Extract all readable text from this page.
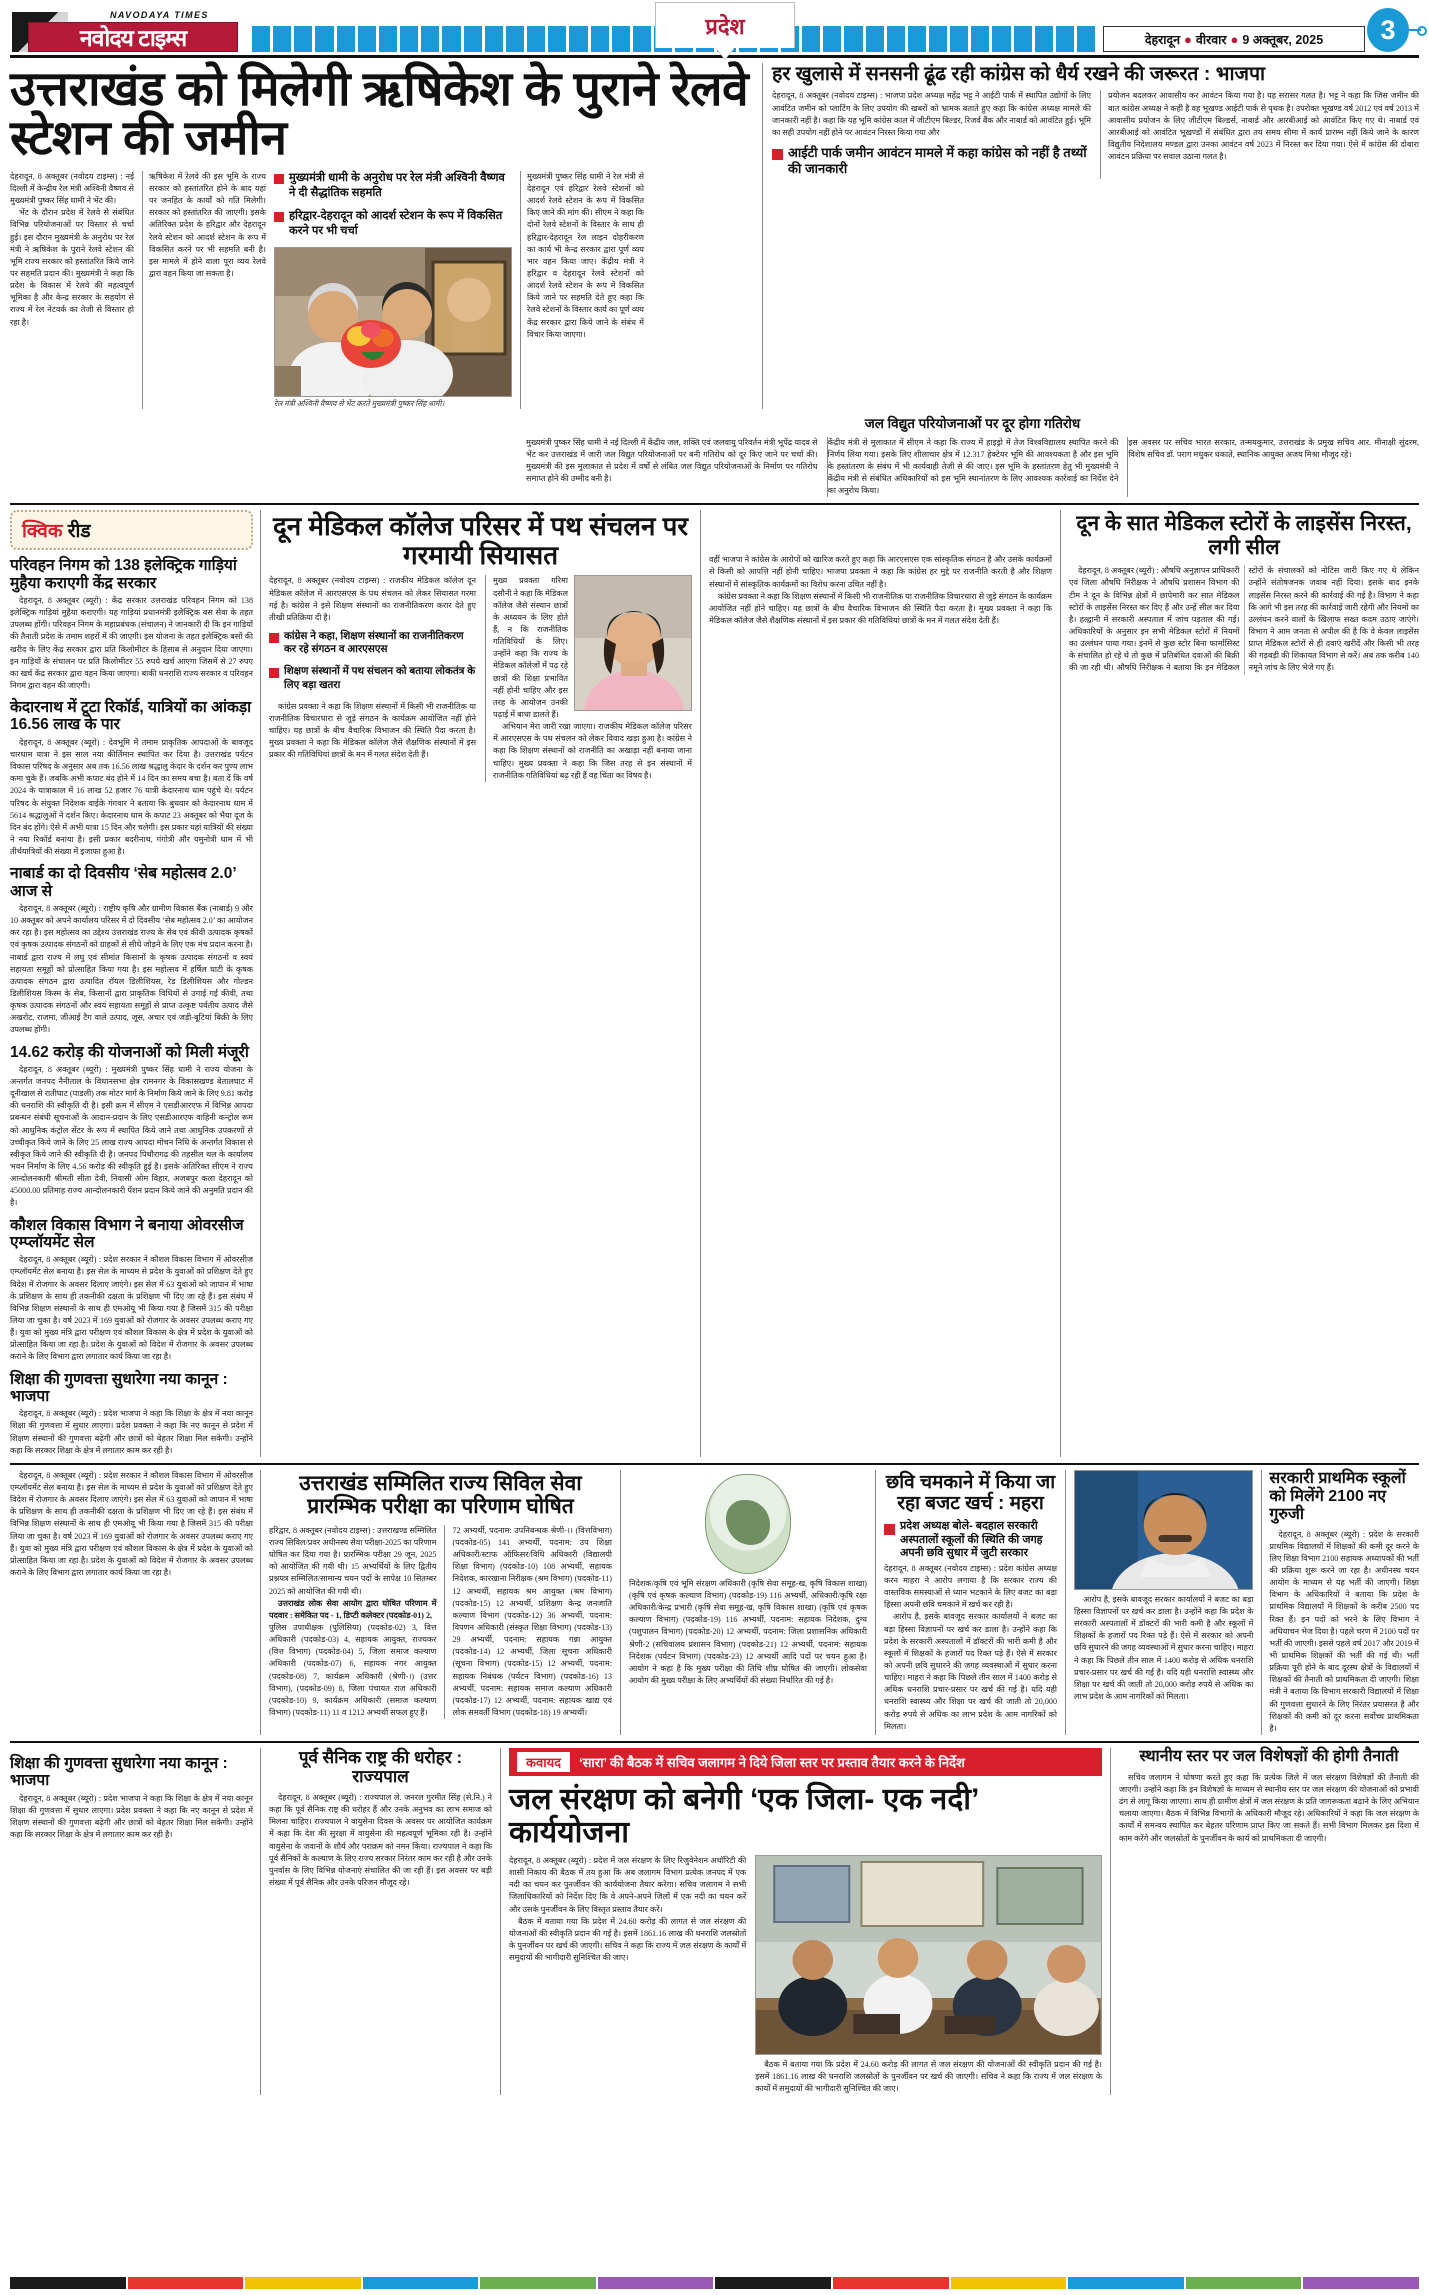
NAVODAYA TIMES
नवोदय टाइम्स	प्रदेश
देहरादून ● वीरवार ● 9 अक्तूबर, 2025	3
उत्तराखंड को मिलेगी ऋषिकेश के पुराने रेलवे स्टेशन की जमीन
देहरादून, 8 अक्तूबर (नवोदय टाइम्स) : नई दिल्ली में केन्द्रीय रेल मंत्री अश्विनी वैष्णव से मुख्यमंत्री पुष्कर सिंह धामी ने भेंट की।
भेंट के दौरान प्रदेश में रेलवे से संबंधित विभिन्न परियोजनाओं पर विस्तार से चर्चा हुई। इस दौरान मुख्यमंत्री के अनुरोध पर रेल मंत्री ने ऋषिकेश के पुराने रेलवे स्टेशन की भूमि राज्य सरकार को हस्तांतरित किये जाने पर सहमति प्रदान की। मुख्यमंत्री ने कहा कि प्रदेश के विकास में रेलवे की महत्वपूर्ण भूमिका है और केन्द्र सरकार के सहयोग से राज्य में रेल नेटवर्क का तेजी से विस्तार हो रहा है।
ऋषिकेश में रेलवे की इस भूमि के राज्य सरकार को हस्तांतरित होने के बाद यहां पर जनहित के कार्यों को गति मिलेगी। सरकार को हस्तांतरित की जाएगी। इसके अतिरिक्त प्रदेश के हरिद्वार और देहरादून रेलवे स्टेशन को आदर्श स्टेशन के रूप में विकसित करने पर भी सहमति बनी है। इस मामले में होने वाला पूरा व्यय रेलवे द्वारा वहन किया जा सकता है।
मुख्यमंत्री धामी के अनुरोध पर रेल मंत्री अश्विनी वैष्णव ने दी सैद्धांतिक सहमति
हरिद्वार-देहरादून को आदर्श स्टेशन के रूप में विकसित करने पर भी चर्चा
रेल मंत्री अश्विनी वैष्णव से भेंट करते मुख्यमंत्री पुष्कर सिंह धामी।
मुख्यमंत्री पुष्कर सिंह धामी ने रेल मंत्री से देहरादून एवं हरिद्वार रेलवे स्टेशनों को आदर्श रेलवे स्टेशन के रूप में विकसित किए जाने की मांग की। सीएम ने कहा कि दोनों रेलवे स्टेशनों के विस्तार के साथ ही हरिद्वार-देहरादून रेल लाइन दोहरीकरण का कार्य भी केन्द्र सरकार द्वारा पूर्ण व्यय भार वहन किया जाए। केंद्रीय मंत्री ने हरिद्वार व देहरादून रेलवे स्टेशनों को आदर्श रेलवे स्टेशन के रूप में विकसित किये जाने पर सहमति देते हुए कहा कि रेलवे स्टेशनों के विस्तार कार्य का पूर्ण व्यय केंद्र सरकार द्वारा किये जाने के संबंध में विचार किया जाएगा।
हर खुलासे में सनसनी ढूंढ रही कांग्रेस को धैर्य रखने की जरूरत : भाजपा
देहरादून, 8 अक्तूबर (नवोदय टाइम्स) : भाजपा प्रदेश अध्यक्ष महेंद्र भट्ट ने आईटी पार्क में स्थापित उद्योगों के लिए आवंटित जमीन को प्लाटिंग के लिए उपयोग की खबरों को भ्रामक बताते हुए कहा कि कांग्रेस अध्यक्ष मामले की जानकारी नहीं है। कहा कि यह भूमि कांग्रेस काल में जीटीएम बिल्डर, रिजर्व बैंक और नाबार्ड को आवंटित हुई। भूमि का सही उपयोग नहीं होने पर आवंटन निरस्त किया गया और
आईटी पार्क जमीन आवंटन मामले में कहा कांग्रेस को नहीं है तथ्यों की जानकारी
प्रयोजन बदलकर आवासीय कर आवंटन किया गया है। यह सरासर गलत है। भट्ट ने कहा कि जिस जमीन की बात कांग्रेस अध्यक्ष ने कही है वह भूखण्ड आईटी पार्क से पृथक है। उपरोक्त भूखण्ड वर्ष 2012 एवं वर्ष 2013 में आवासीय प्रयोजन के लिए जीटीएम बिल्डर्स, नाबार्ड और आरबीआई को आवंटित किए गए थे। नाबार्ड एवं आरबीआई को आवंटित भूखण्डों में संबंधित द्वारा तय समय सीमा में कार्य प्रारम्भ नहीं किये जाने के कारण विद्युतीय निदेशालय मण्डल द्वारा उनका आवंटन वर्ष 2023 में निरस्त कर दिया गया। ऐसे में कांग्रेस की दोबारा आवंटन प्रक्रिया पर सवाल उठाना गलत है।
जल विद्युत परियोजनाओं पर दूर होगा गतिरोध
मुख्यमंत्री पुष्कर सिंह धामी ने नई दिल्ली में केंद्रीय जल, शक्ति एवं जलवायु परिवर्तन मंत्री भूपेंद्र यादव से भेंट कर उत्तराखंड में जारी जल विद्युत परियोजनाओं पर बनी गतिरोध को दूर किए जाने पर चर्चा की। मुख्यमंत्री की इस मुलाकात से प्रदेश में वर्षों से लंबित जल विद्युत परियोजनाओं के निर्माण पर गतिरोध समाप्त होने की उम्मीद बनी है।
केंद्रीय मंत्री से मुलाकात में सीएम ने कहा कि राज्य में हाइड्रो में तेज विश्वविद्यालय स्थापित करने की निर्णय लिया गया। इसके लिए शीलाचार क्षेत्र में 12.317 हेक्टेयर भूमि की आवश्यकता है और इस भूमि के हस्तांतरण के संबंध में भी कार्यवाही तेजी से की जाए। इस भूमि के हस्तांतरण हेतु भी मुख्यमंत्री ने केंद्रीय मंत्री से संबंधित अधिकारियों को इस भूमि स्थानांतरण के लिए आवश्यक कार्रवाई का निर्देश देने का अनुरोध किया।
इस अवसर पर सचिव भारत सरकार, तन्मयकुमार, उत्तराखंड के प्रमुख सचिव आर. मीनाक्षी सुंदरम, विशेष सचिव डॉ. पराग मधुकर धकाते, स्थानिक आयुक्त अजय मिश्रा मौजूद रहे।
क्विक रीड
परिवहन निगम को 138 इलेक्ट्रिक गाड़ियां मुहैया कराएगी केंद्र सरकार
देहरादून, 8 अक्तूबर (ब्यूरो) : केंद्र सरकार उत्तराखंड परिवहन निगम को 138 इलेक्ट्रिक गाड़ियां मुहैया कराएगी। यह गाड़ियां प्रधानमंत्री इलेक्ट्रिक बस सेवा के तहत उपलब्ध होंगी। परिवहन निगम के महाप्रबंधक (संचालन) ने जानकारी दी कि इन गाड़ियों की तैनाती प्रदेश के तमाम शहरों में की जाएगी। इस योजना के तहत इलेक्ट्रिक बसों की खरीद के लिए केंद्र सरकार द्वारा प्रति किलोमीटर के हिसाब से अनुदान दिया जाएगा। इन गाड़ियों के संचालन पर प्रति किलोमीटर 55 रुपये खर्च आएगा जिसमें से 27 रुपए का खर्च केंद्र सरकार द्वारा वहन किया जाएगा। बाकी धनराशि राज्य सरकार व परिवहन निगम द्वारा वहन की जाएगी।
केदारनाथ में टूटा रिकॉर्ड, यात्रियों का आंकड़ा 16.56 लाख के पार
देहरादून, 8 अक्तूबर (ब्यूरो) : देवभूमि में तमाम प्राकृतिक आपदाओं के बावजूद चारधाम यात्रा ने इस साल नया कीर्तिमान स्थापित कर दिया है। उत्तराखंड पर्यटन विकास परिषद के अनुसार अब तक 16.56 लाख श्रद्धालु केदार के दर्शन कर पुण्य लाभ कमा चुके हैं। जबकि अभी कपाट बंद होने में 14 दिन का समय बचा है। बता दें कि वर्ष 2024 के यात्राकाल में 16 लाख 52 हजार 76 यात्री केदारनाथ धाम पहुंचे थे। पर्यटन परिषद के संयुक्त निदेशक वाईके गंगवार ने बताया कि बुधवार को केदारनाथ धाम में 5614 श्रद्धालुओं ने दर्शन किए। केदारनाथ धाम के कपाट 23 अक्तूबर को भैया दूज के दिन बंद होंगे। ऐसे में अभी यात्रा 15 दिन और चलेगी। इस प्रकार यहां यात्रियों की संख्या ने नया रिकॉर्ड बनाया है। इसी प्रकार बदरीनाथ, गंगोत्री और यमुनोत्री धाम में भी तीर्थयात्रियों की संख्या में इजाफा हुआ है।
नाबार्ड का दो दिवसीय ‘सेब महोत्सव 2.0’ आज से
देहरादून, 8 अक्तूबर (ब्यूरो) : राष्ट्रीय कृषि और ग्रामीण विकास बैंक (नाबार्ड) 9 और 10 अक्तूबर को अपने कार्यालय परिसर में दो दिवसीय ‘सेब महोत्सव 2.0’ का आयोजन कर रहा है। इस महोत्सव का उद्देश्य उत्तराखंड राज्य के सेब एवं कीवी उत्पादक कृषकों एवं कृषक उत्पादक संगठनों को ग्राहकों से सीधे जोड़ने के लिए एक मंच प्रदान करना है। नाबार्ड द्वारा राज्य में लघु एवं सीमांत किसानों के कृषक उत्पादक संगठनों व स्वयं सहायता समूहों को प्रोत्साहित किया गया है। इस महोत्सव में हर्षिल घाटी के कृषक उत्पादक संगठन द्वारा उत्पादित रॉयल डिलीशियस, रेड डिलीशियस और गोल्डन डिलीशियस किस्म के सेब, किसानों द्वारा प्राकृतिक विधियों से उगाई गई कीवी, तथा कृषक उत्पादक संगठनों और स्वयं सहायता समूहों से प्राप्त उत्कृष्ट पर्वतीय उत्पाद जैसे अखरोट, राजमा, जीआई टैग वाले उत्पाद, जूस, अचार एवं जड़ी-बूटियां बिक्री के लिए उपलब्ध होंगी।
14.62 करोड़ की योजनाओं को मिली मंजूरी
देहरादून, 8 अक्तूबर (ब्यूरो) : मुख्यमंत्री पुष्कर सिंह धामी ने राज्य योजना के अन्तर्गत जनपद नैनीताल के विधानसभा क्षेत्र रामनगर के विकासखण्ड बेतालघाट में दूनीखाल से रातीघाट (पाडली) तक मोटर मार्ग के निर्माण किये जाने के लिए 9.81 करोड़ की धनराशि की स्वीकृति दी है। इसी क्रम में सीएम ने एसडीआरएफ में विभिन्न आपदा प्रबन्धन संबंधी सूचनाओं के आदान-प्रदान के लिए एसडीआरएफ वाहिनी कन्ट्रोल रूम को आधुनिक कंट्रोल सेंटर के रूप में स्थापित किये जाने तथा आधुनिक उपकरणों से उच्चीकृत किये जाने के लिए 25 लाख राज्य आपदा मोचन निधि के अन्तर्गत विकास से स्वीकृत किये जाने की स्वीकृति दी है। जनपद पिथौरागढ़ की तहसील थल के कार्यालय भवन निर्माण के लिए 4.56 करोड़ की स्वीकृति हुई है। इसके अतिरिक्त सीएम ने राज्य आन्दोलनकारी श्रीमती सीता देवी, निवासी ओम विहार, अजबपुर कला देहरादून को 45000.00 प्रतिमाह राज्य आन्दोलनकारी पेंशन प्रदान किये जाने की अनुमति प्रदान की है।
कौशल विकास विभाग ने बनाया ओवरसीज एम्प्लॉयमेंट सेल
देहरादून, 8 अक्तूबर (ब्यूरो) : प्रदेश सरकार ने कौशल विकास विभाग में ओवरसीज एम्प्लॉयमेंट सेल बनाया है। इस सेल के माध्यम से प्रदेश के युवाओं को प्रशिक्षण देते हुए विदेश में रोजगार के अवसर दिलाए जाएंगे। इस सेल में 63 युवाओं को जापान में भाषा के प्रशिक्षण के साथ ही तकनीकी दक्षता के प्रशिक्षण भी दिए जा रहे हैं। इस संबंध में विभिन्न शिक्षण संस्थानों के साथ ही एमओयू भी किया गया है जिसमें 315 की परीक्षा लिया जा चुका है। वर्ष 2023 में 169 युवाओं को रोजगार के अवसर उपलब्ध कराए गए हैं। युवा को मुख्य मंत्रि द्वारा परीक्षण एवं कौशल विकास के क्षेत्र में प्रदेश के युवाओं को प्रोत्साहित किया जा रहा है। प्रदेश के युवाओं को विदेश में रोजगार के अवसर उपलब्ध कराने के लिए विभाग द्वारा लगातार कार्य किया जा रहा है।
शिक्षा की गुणवत्ता सुधारेगा नया कानून : भाजपा
देहरादून, 8 अक्तूबर (ब्यूरो) : प्रदेश भाजपा ने कहा कि शिक्षा के क्षेत्र में नया कानून शिक्षा की गुणवत्ता में सुधार लाएगा। प्रदेश प्रवक्ता ने कहा कि नए कानून से प्रदेश में शिक्षण संस्थानों की गुणवत्ता बढ़ेगी और छात्रों को बेहतर शिक्षा मिल सकेगी। उन्होंने कहा कि सरकार शिक्षा के क्षेत्र में लगातार काम कर रही है।
दून मेडिकल कॉलेज परिसर में पथ संचलन पर गरमायी सियासत
देहरादून, 8 अक्तूबर (नवोदय टाइम्स) : राजकीय मेडिकल कॉलेज दून मेडिकल कॉलेज में आरएसएस के पथ संचलन को लेकर सियासत गरमा गई है। कांग्रेस ने इसे शिक्षण संस्थानों का राजनीतिकरण करार देते हुए तीखी प्रतिक्रिया दी है।
कांग्रेस ने कहा, शिक्षण संस्थानों का राजनीतिकरण कर रहे संगठन व आरएसएस
शिक्षण संस्थानों में पथ संचलन को बताया लोकतंत्र के लिए बड़ा खतरा
कांग्रेस प्रवक्ता ने कहा कि शिक्षण संस्थानों में किसी भी राजनीतिक या राजनीतिक विचारधारा से जुड़े संगठन के कार्यक्रम आयोजित नहीं होने चाहिए। यह छात्रों के बीच वैचारिक विभाजन की स्थिति पैदा करता है। मुख्य प्रवक्ता ने कहा कि मेडिकल कॉलेज जैसे शैक्षणिक संस्थानों में इस प्रकार की गतिविधियां छात्रों के मन में गलत संदेश देती हैं।
मुख्य प्रवक्ता गरिमा दसौनी ने कहा कि मेडिकल कॉलेज जैसे संस्थान छात्रों के अध्ययन के लिए होते हैं, न कि राजनीतिक गतिविधियों के लिए। उन्होंने कहा कि राज्य के मेडिकल कॉलेजों में पढ़ रहे छात्रों की शिक्षा प्रभावित नहीं होनी चाहिए और इस तरह के आयोजन उनकी पढ़ाई में बाधा डालते हैं।
अभियान मेरा जारी रखा जाएगा। राजकीय मेडिकल कॉलेज परिसर में आरएसएस के पथ संचलन को लेकर विवाद खड़ा हुआ है। कांग्रेस ने कहा कि शिक्षण संस्थानों को राजनीति का अखाड़ा नहीं बनाया जाना चाहिए। मुख्य प्रवक्ता ने कहा कि जिस तरह से इन संस्थानों में राजनीतिक गतिविधियां बढ़ रही हैं वह चिंता का विषय है।
वहीं भाजपा ने कांग्रेस के आरोपों को खारिज करते हुए कहा कि आरएसएस एक सांस्कृतिक संगठन है और उसके कार्यक्रमों से किसी को आपत्ति नहीं होनी चाहिए। भाजपा प्रवक्ता ने कहा कि कांग्रेस हर मुद्दे पर राजनीति करती है और शिक्षण संस्थानों में सांस्कृतिक कार्यक्रमों का विरोध करना उचित नहीं है।
कांग्रेस प्रवक्ता ने कहा कि शिक्षण संस्थानों में किसी भी राजनीतिक या राजनीतिक विचारधारा से जुड़े संगठन के कार्यक्रम आयोजित नहीं होने चाहिए। यह छात्रों के बीच वैचारिक विभाजन की स्थिति पैदा करता है। मुख्य प्रवक्ता ने कहा कि मेडिकल कॉलेज जैसे शैक्षणिक संस्थानों में इस प्रकार की गतिविधियां छात्रों के मन में गलत संदेश देती हैं।
दून के सात मेडिकल स्टोरों के लाइसेंस निरस्त, लगी सील
देहरादून, 8 अक्तूबर (ब्यूरो) : औषधि अनुज्ञापन प्राधिकारी एवं जिला औषधि निरीक्षक ने औषधि प्रशासन विभाग की टीम ने दून के विभिन्न क्षेत्रों में छापेमारी कर सात मेडिकल स्टोरों के लाइसेंस निरस्त कर दिए हैं और उन्हें सील कर दिया है। हल्द्वानी में सरकारी अस्पताल में जांच पड़ताल की गई। अधिकारियों के अनुसार इन सभी मेडिकल स्टोरों में नियमों का उल्लंघन पाया गया। इनमें से कुछ स्टोर बिना फार्मासिस्ट के संचालित हो रहे थे तो कुछ में प्रतिबंधित दवाओं की बिक्री की जा रही थी। औषधि निरीक्षक ने बताया कि इन मेडिकल स्टोरों के संचालकों को नोटिस जारी किए गए थे लेकिन उन्होंने संतोषजनक जवाब नहीं दिया। इसके बाद इनके लाइसेंस निरस्त करने की कार्रवाई की गई है। विभाग ने कहा कि आगे भी इस तरह की कार्रवाई जारी रहेगी और नियमों का उल्लंघन करने वालों के खिलाफ सख्त कदम उठाए जाएंगे। विभाग ने आम जनता से अपील की है कि वे केवल लाइसेंस प्राप्त मेडिकल स्टोरों से ही दवाएं खरीदें और किसी भी तरह की गड़बड़ी की शिकायत विभाग से करें। अब तक करीब 140 नमूने जांच के लिए भेजे गए हैं।
देहरादून, 8 अक्तूबर (ब्यूरो) : प्रदेश सरकार ने कौशल विकास विभाग में ओवरसीज एम्प्लॉयमेंट सेल बनाया है। इस सेल के माध्यम से प्रदेश के युवाओं को प्रशिक्षण देते हुए विदेश में रोजगार के अवसर दिलाए जाएंगे। इस सेल में 63 युवाओं को जापान में भाषा के प्रशिक्षण के साथ ही तकनीकी दक्षता के प्रशिक्षण भी दिए जा रहे हैं। इस संबंध में विभिन्न शिक्षण संस्थानों के साथ ही एमओयू भी किया गया है जिसमें 315 की परीक्षा लिया जा चुका है। वर्ष 2023 में 169 युवाओं को रोजगार के अवसर उपलब्ध कराए गए हैं। युवा को मुख्य मंत्रि द्वारा परीक्षण एवं कौशल विकास के क्षेत्र में प्रदेश के युवाओं को प्रोत्साहित किया जा रहा है। प्रदेश के युवाओं को विदेश में रोजगार के अवसर उपलब्ध कराने के लिए विभाग द्वारा लगातार कार्य किया जा रहा है।
उत्तराखंड सम्मिलित राज्य सिविल सेवा प्रारम्भिक परीक्षा का परिणाम घोषित
हरिद्वार, 8 अक्तूबर (नवोदय टाइम्स) : उत्तराखण्ड सम्मिलित राज्य सिविल/प्रवर अधीनस्थ सेवा परीक्षा-2025 का परिणाम घोषित कर दिया गया है। प्रारम्भिक परीक्षा 29 जून, 2025 को आयोजित की गयी थी। 15 अभ्यर्थियों के लिए द्वितीय प्रश्नपत्र सम्मिलित/सामान्य चयन पदों के सापेक्ष 10 सितम्बर 2025 को आयोजित की गयी थी।
उत्तराखंड लोक सेवा आयोग द्वारा घोषित परिणाम में पदवार : समेकित पद - 1, डिप्टी कलेक्टर (पदकोड-01) 2,
पुलिस उपाधीक्षक (पुलिसिया) (पदकोड-02) 3, वित्त अधिकारी (पदकोड-03) 4, सहायक आयुक्त, राज्यकर (वित्त विभाग) (पदकोड-04) 5, जिला समाज कल्याण अधिकारी (पदकोड-07) 6, सहायक नगर आयुक्त (पदकोड-08) 7, कार्यक्रम अधिकारी (श्रेणी-।) (उत्तर विभाग), (पदकोड-09) 8, जिला पंचायत राज अधिकारी (पदकोड-10) 9, कार्यक्रम अधिकारी (समाज कल्याण विभाग) (पदकोड-11) 11 व 1212 अभ्यर्थी सफल हुए हैं।
72 अभ्यर्थी, पदनाम: उपनिबन्धक श्रेणी-।। (वित्तविभाग) (पदकोड-05) 141 अभ्यर्थी, पदनाम: उप शिक्षा अधिकारी/स्टाफ ऑफिसर/विधि अधिकारी (विद्यालयी शिक्षा विभाग) (पदकोड-10) 108 अभ्यर्थी, सहायक निदेशक, कारखाना निरीक्षक (श्रम विभाग) (पदकोड-11) 12 अभ्यर्थी, सहायक श्रम आयुक्त (श्रम विभाग) (पदकोड-15) 12 अभ्यर्थी, प्रशिक्षण केन्द्र जनजाति कल्याण विभाग (पदकोड-12) 36 अभ्यर्थी, पदनाम: विपणन अधिकारी (संस्कृत शिक्षा विभाग) (पदकोड-13) 29 अभ्यर्थी, पदनाम: सहायक गन्ना आयुक्त (पदकोड-14) 12 अभ्यर्थी, जिला सूचना अधिकारी (सूचना विभाग) (पदकोड-15) 12 अभ्यर्थी, पदनाम: सहायक निबंधक (पर्यटन विभाग) (पदकोड-16) 13 अभ्यर्थी, पदनाम: सहायक समाज कल्याण अधिकारी (पदकोड-17) 12 अभ्यर्थी, पदनाम: सहायक खाद्य एवं लोक समवर्ती विभाग (पदकोड-18) 19 अभ्यर्थी।
निदेशक/कृषि एवं भूमि संरक्षण अधिकारी (कृषि सेवा समूह-ख, कृषि विकास शाखा) (कृषि एवं कृषक कल्याण विभाग) (पदकोड-19) 116 अभ्यर्थी, अधिकारी/कृषि रक्षा अधिकारी/केन्द्र प्रभारी (कृषि सेवा समूह-ख, कृषि विकास शाखा) (कृषि एवं कृषक कल्याण विभाग) (पदकोड-19) 116 अभ्यर्थी, पदनाम: सहायक निदेशक, दुग्ध (पशुपालन विभाग) (पदकोड-20) 12 अभ्यर्थी, पदनाम: जिला प्रशासनिक अधिकारी श्रेणी-2 (सचिवालय प्रशासन विभाग) (पदकोड-21) 12 अभ्यर्थी, पदनाम: सहायक निदेशक (पर्यटन विभाग) (पदकोड-23) 12 अभ्यर्थी आदि पदों पर चयन हुआ है। आयोग ने कहा है कि मुख्य परीक्षा की तिथि शीघ्र घोषित की जाएगी। लोकसेवा आयोग की मुख्य परीक्षा के लिए अभ्यर्थियों की संख्या निर्धारित की गई है।
छवि चमकाने में किया जा रहा बजट खर्च : महरा
प्रदेश अध्यक्ष बोले- बदहाल सरकारी अस्पतालों स्कूलों की स्थिति की जगह अपनी छवि सुधार में जुटी सरकार
देहरादून, 8 अक्तूबर (नवोदय टाइम्स) : प्रदेश कांग्रेस अध्यक्ष करन माहरा ने आरोप लगाया है कि सरकार राज्य की वास्तविक समस्याओं से ध्यान भटकाने के लिए बजट का बड़ा हिस्सा अपनी छवि चमकाने में खर्च कर रही है।
आरोप है, इसके बावजूद सरकार कार्यालयों ने बजट का बड़ा हिस्सा विज्ञापनों पर खर्च कर डाला है। उन्होंने कहा कि प्रदेश के सरकारी अस्पतालों में डॉक्टरों की भारी कमी है और स्कूलों में शिक्षकों के हजारों पद रिक्त पड़े हैं। ऐसे में सरकार को अपनी छवि सुधारने की जगह व्यवस्थाओं में सुधार करना चाहिए। माहरा ने कहा कि पिछले तीन साल में 1400 करोड़ से अधिक धनराशि प्रचार-प्रसार पर खर्च की गई है। यदि यही धनराशि स्वास्थ्य और शिक्षा पर खर्च की जाती तो 20,000 करोड़ रुपये से अधिक का लाभ प्रदेश के आम नागरिकों को मिलता।
आरोप है, इसके बावजूद सरकार कार्यालयों ने बजट का बड़ा हिस्सा विज्ञापनों पर खर्च कर डाला है। उन्होंने कहा कि प्रदेश के सरकारी अस्पतालों में डॉक्टरों की भारी कमी है और स्कूलों में शिक्षकों के हजारों पद रिक्त पड़े हैं। ऐसे में सरकार को अपनी छवि सुधारने की जगह व्यवस्थाओं में सुधार करना चाहिए। माहरा ने कहा कि पिछले तीन साल में 1400 करोड़ से अधिक धनराशि प्रचार-प्रसार पर खर्च की गई है। यदि यही धनराशि स्वास्थ्य और शिक्षा पर खर्च की जाती तो 20,000 करोड़ रुपये से अधिक का लाभ प्रदेश के आम नागरिकों को मिलता।
सरकारी प्राथमिक स्कूलों को मिलेंगे 2100 नए गुरुजी
देहरादून, 8 अक्तूबर (ब्यूरो) : प्रदेश के सरकारी प्राथमिक विद्यालयों में शिक्षकों की कमी दूर करने के लिए शिक्षा विभाग 2100 सहायक अध्यापकों की भर्ती की प्रक्रिया शुरू करने जा रहा है। अधीनस्थ चयन आयोग के माध्यम से यह भर्ती की जाएगी। शिक्षा विभाग के अधिकारियों ने बताया कि प्रदेश के प्राथमिक विद्यालयों में शिक्षकों के करीब 2500 पद रिक्त हैं। इन पदों को भरने के लिए विभाग ने अधियाचन भेज दिया है। पहले चरण में 2100 पदों पर भर्ती की जाएगी। इससे पहले वर्ष 2017 और 2019 में भी प्राथमिक शिक्षकों की भर्ती की गई थी। भर्ती प्रक्रिया पूरी होने के बाद दूरस्थ क्षेत्रों के विद्यालयों में शिक्षकों की तैनाती को प्राथमिकता दी जाएगी। शिक्षा मंत्री ने बताया कि विभाग सरकारी विद्यालयों में शिक्षा की गुणवत्ता सुधारने के लिए निरंतर प्रयासरत है और शिक्षकों की कमी को दूर करना सर्वोच्च प्राथमिकता है।
शिक्षा की गुणवत्ता सुधारेगा नया कानून : भाजपा
देहरादून, 8 अक्तूबर (ब्यूरो) : प्रदेश भाजपा ने कहा कि शिक्षा के क्षेत्र में नया कानून शिक्षा की गुणवत्ता में सुधार लाएगा। प्रदेश प्रवक्ता ने कहा कि नए कानून से प्रदेश में शिक्षण संस्थानों की गुणवत्ता बढ़ेगी और छात्रों को बेहतर शिक्षा मिल सकेगी। उन्होंने कहा कि सरकार शिक्षा के क्षेत्र में लगातार काम कर रही है।
पूर्व सैनिक राष्ट्र की धरोहर : राज्यपाल
देहरादून, 8 अक्तूबर (ब्यूरो) : राज्यपाल ले. जनरल गुरमीत सिंह (से.नि.) ने कहा कि पूर्व सैनिक राष्ट्र की धरोहर हैं और उनके अनुभव का लाभ समाज को मिलना चाहिए। राज्यपाल ने वायुसेना दिवस के अवसर पर आयोजित कार्यक्रम में कहा कि देश की सुरक्षा में वायुसेना की महत्वपूर्ण भूमिका रही है। उन्होंने वायुसेना के जवानों के शौर्य और पराक्रम को नमन किया। राज्यपाल ने कहा कि पूर्व सैनिकों के कल्याण के लिए राज्य सरकार निरंतर काम कर रही है और उनके पुनर्वास के लिए विभिन्न योजनाएं संचालित की जा रही हैं। इस अवसर पर बड़ी संख्या में पूर्व सैनिक और उनके परिजन मौजूद रहे।
कवायद	‘सारा’ की बैठक में सचिव जलागम ने दिये जिला स्तर पर प्रस्ताव तैयार करने के निर्देश
जल संरक्षण को बनेगी ‘एक जिला- एक नदी’ कार्ययोजना
देहरादून, 8 अक्तूबर (ब्यूरो) : प्रदेश में जल संरक्षण के लिए रिजुवेनेशन अथॉरिटी की शासी निकाय की बैठक में तय हुआ कि अब जलागम विभाग प्रत्येक जनपद में एक नदी का चयन कर पुनर्जीवन की कार्ययोजना तैयार करेगा। सचिव जलागम ने सभी जिलाधिकारियों को निर्देश दिए कि वे अपने-अपने जिलों में एक नदी का चयन करें और उसके पुनर्जीवन के लिए विस्तृत प्रस्ताव तैयार करें।
बैठक में बताया गया कि प्रदेश में 24.60 करोड़ की लागत से जल संरक्षण की योजनाओं की स्वीकृति प्रदान की गई है। इसमें 1861.16 लाख की धनराशि जलस्रोतों के पुनर्जीवन पर खर्च की जाएगी। सचिव ने कहा कि राज्य में जल संरक्षण के कार्यों में समुदायों की भागीदारी सुनिश्चित की जाए।
बैठक में बताया गया कि प्रदेश में 24.60 करोड़ की लागत से जल संरक्षण की योजनाओं की स्वीकृति प्रदान की गई है। इसमें 1861.16 लाख की धनराशि जलस्रोतों के पुनर्जीवन पर खर्च की जाएगी। सचिव ने कहा कि राज्य में जल संरक्षण के कार्यों में समुदायों की भागीदारी सुनिश्चित की जाए।
स्थानीय स्तर पर जल विशेषज्ञों की होगी तैनाती
सचिव जलागम ने घोषणा करते हुए कहा कि प्रत्येक जिले में जल संरक्षण विशेषज्ञों की तैनाती की जाएगी। उन्होंने कहा कि इन विशेषज्ञों के माध्यम से स्थानीय स्तर पर जल संरक्षण की योजनाओं को प्रभावी ढंग से लागू किया जाएगा। साथ ही ग्रामीण क्षेत्रों में जल संरक्षण के प्रति जागरूकता बढ़ाने के लिए अभियान चलाया जाएगा। बैठक में विभिन्न विभागों के अधिकारी मौजूद रहे। अधिकारियों ने कहा कि जल संरक्षण के कार्यों में समन्वय स्थापित कर बेहतर परिणाम प्राप्त किए जा सकते हैं। सभी विभाग मिलकर इस दिशा में काम करेंगे और जलस्रोतों के पुनर्जीवन के कार्य को प्राथमिकता दी जाएगी।
